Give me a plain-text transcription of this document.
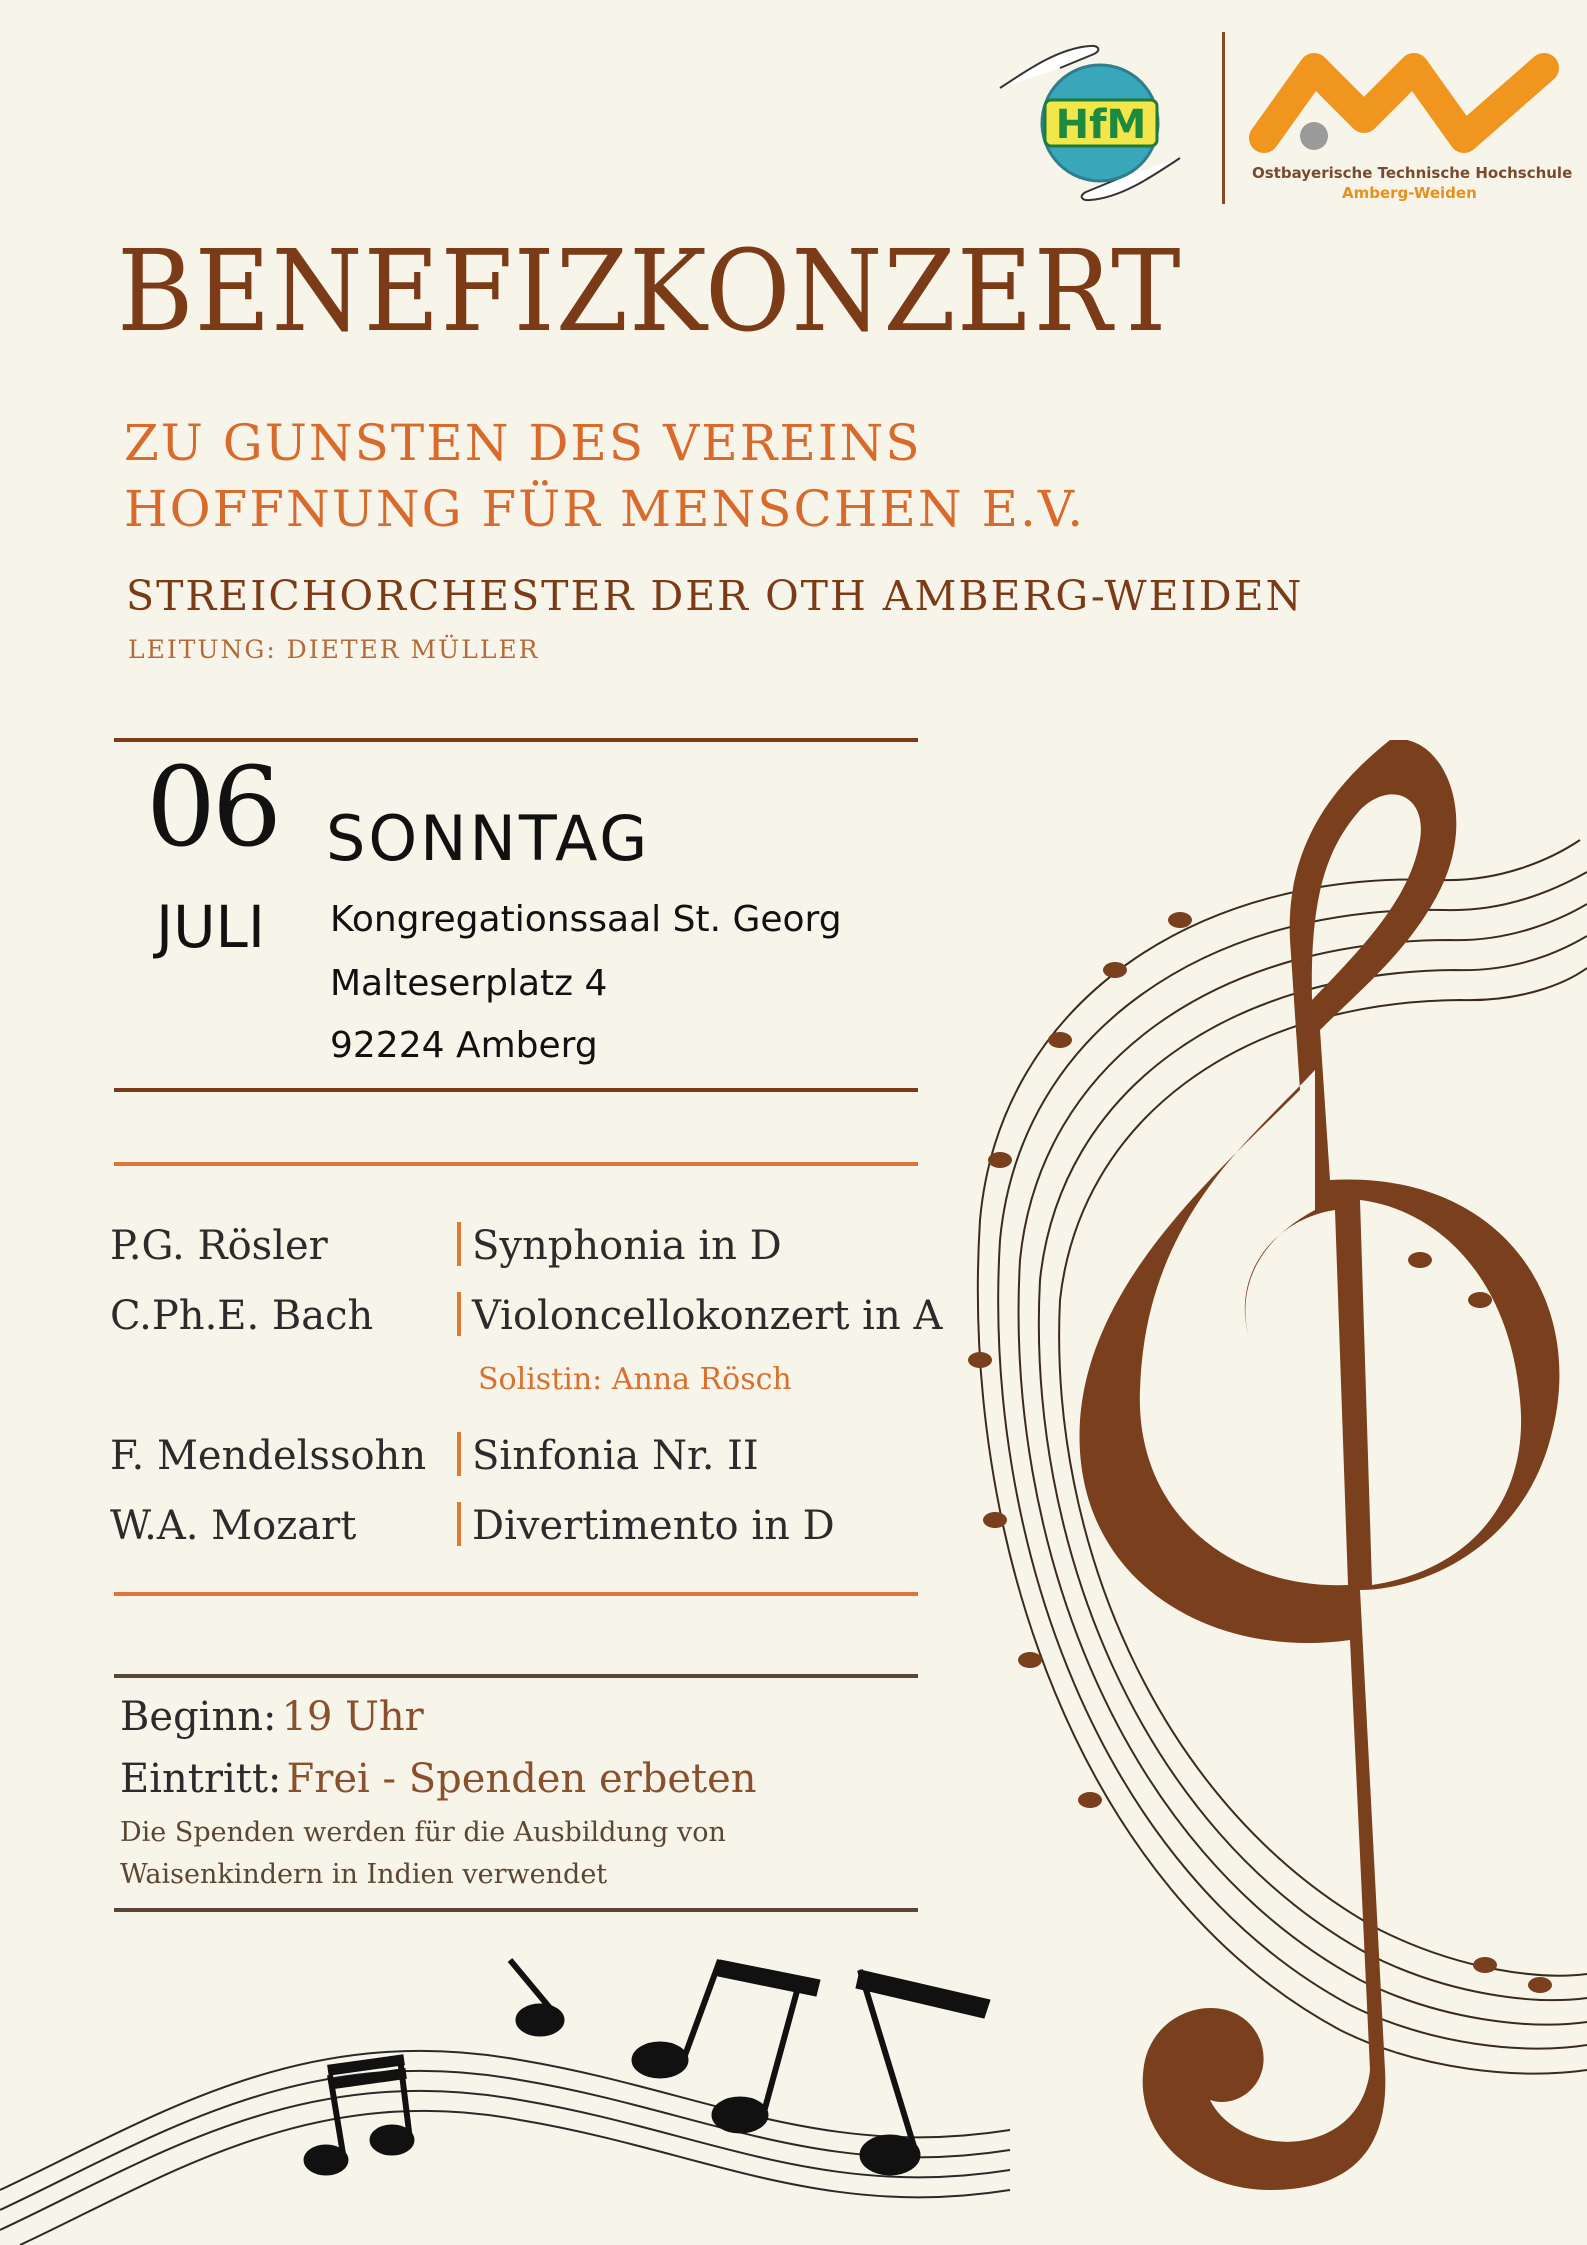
HfM
Ostbayerische Technische Hochschule
Amberg-Weiden
BENEFIZKONZERT
ZU GUNSTEN DES VEREINS
HOFFNUNG FÜR MENSCHEN E.V.
STREICHORCHESTER DER OTH AMBERG-WEIDEN
LEITUNG: DIETER MÜLLER
06 SONNTAG
JULI Kongregationssaal St. Georg
Malteserplatz 4
92224 Amberg
P.G. Rösler	Synphonia in D
C.Ph.E. Bach Violoncellokonzert in A
Solistin: Anna Rösch
F. Mendelssohn Sinfonia Nr. II
W.A. Mozart	Divertimento in D
Beginn: 19 Uhr
Eintritt: Frei - Spenden erbeten
Die Spenden werden für die Ausbildung von
Waisenkindern in Indien verwendet
